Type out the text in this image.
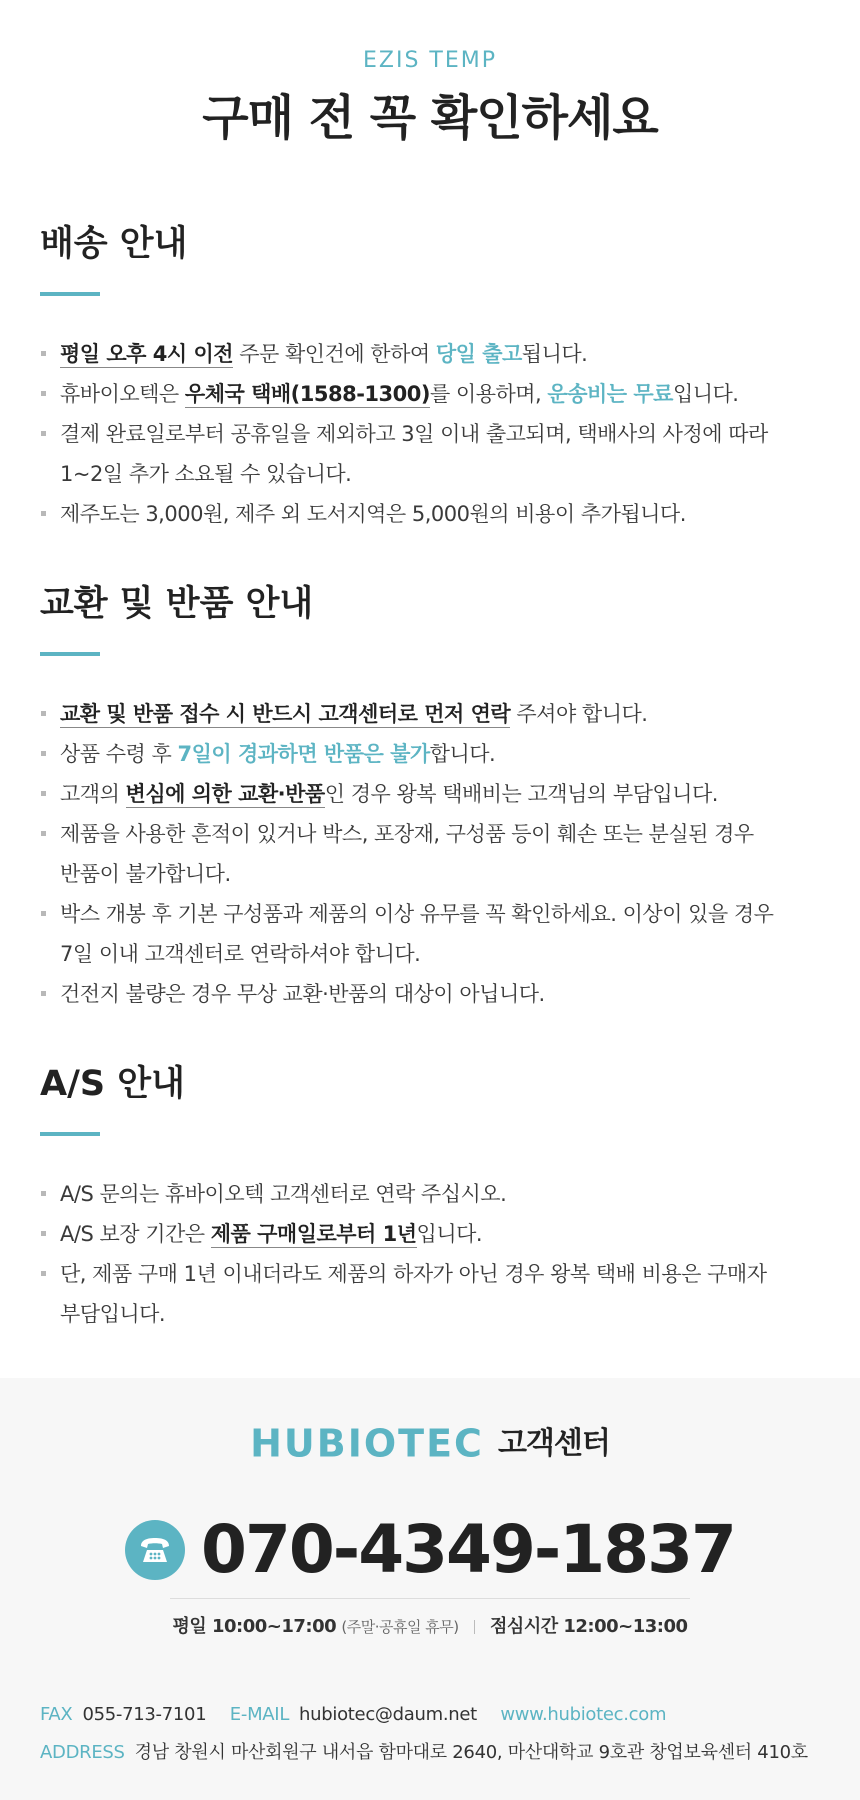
EZIS TEMP
구매 전 꼭 확인하세요
배송 안내
평일 오후 4시 이전 주문 확인건에 한하여 당일 출고됩니다.
휴바이오텍은 우체국 택배(1588-1300)를 이용하며, 운송비는 무료입니다.
결제 완료일로부터 공휴일을 제외하고 3일 이내 출고되며, 택배사의 사정에 따라
1~2일 추가 소요될 수 있습니다.
제주도는 3,000원, 제주 외 도서지역은 5,000원의 비용이 추가됩니다.
교환 및 반품 안내
교환 및 반품 접수 시 반드시 고객센터로 먼저 연락 주셔야 합니다.
상품 수령 후 7일이 경과하면 반품은 불가합니다.
고객의 변심에 의한 교환·반품인 경우 왕복 택배비는 고객님의 부담입니다.
제품을 사용한 흔적이 있거나 박스, 포장재, 구성품 등이 훼손 또는 분실된 경우
반품이 불가합니다.
박스 개봉 후 기본 구성품과 제품의 이상 유무를 꼭 확인하세요. 이상이 있을 경우
7일 이내 고객센터로 연락하셔야 합니다.
건전지 불량은 경우 무상 교환·반품의 대상이 아닙니다.
A/S 안내
A/S 문의는 휴바이오텍 고객센터로 연락 주십시오.
A/S 보장 기간은 제품 구매일로부터 1년입니다.
단, 제품 구매 1년 이내더라도 제품의 하자가 아닌 경우 왕복 택배 비용은 구매자
부담입니다.
HUBIOTEC 고객센터
070-4349-1837
평일 10:00~17:00 (주말·공휴일 휴무) 점심시간 12:00~13:00
FAX 055-713-7101 E-MAIL hubiotec@daum.net www.hubiotec.com
ADDRESS 경남 창원시 마산회원구 내서읍 함마대로 2640, 마산대학교 9호관 창업보육센터 410호
